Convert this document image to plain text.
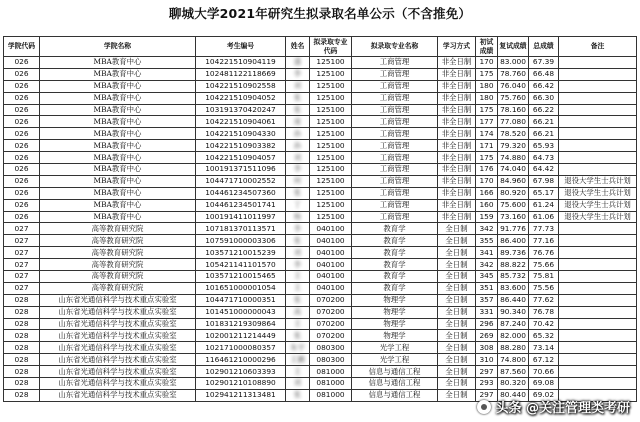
聊城大学2021年研究生拟录取名单公示（不含推免）
学院代码	学院名称	考生编号	姓名	拟录取专业代码	拟录取专业名称	学习方式	初试成绩	复试成绩	总成绩	备注
026	MBA教育中心	104221510904119	盛	125100	工商管理	非全日制	170	83.000	67.39	
026	MBA教育中心	102481122118669	李	125100	工商管理	非全日制	175	78.760	66.48	
026	MBA教育中心	104221510902558	刘	125100	工商管理	非全日制	180	76.040	66.42	
026	MBA教育中心	104221510904052	张	125100	工商管理	非全日制	180	75.760	66.30	
026	MBA教育中心	103191370420247	张	125100	工商管理	非全日制	175	78.160	66.22	
026	MBA教育中心	104221510904061	庞	125100	工商管理	非全日制	177	77.080	66.21	
026	MBA教育中心	104221510904330	孙	125100	工商管理	非全日制	174	78.520	66.21	
026	MBA教育中心	104221510903382	孙	125100	工商管理	非全日制	171	79.320	65.93	
026	MBA教育中心	104221510904057	刘	125100	工商管理	非全日制	175	74.880	64.73	
026	MBA教育中心	100191371511096	李	125100	工商管理	非全日制	176	74.040	64.42	
026	MBA教育中心	104471710002552	何	125100	工商管理	非全日制	170	84.960	67.98	退役大学生士兵计划
026	MBA教育中心	104461234507360	张	125100	工商管理	非全日制	166	80.920	65.17	退役大学生士兵计划
026	MBA教育中心	104461234501741	丁	125100	工商管理	非全日制	160	75.600	61.24	退役大学生士兵计划
026	MBA教育中心	100191411011997	杨	125100	工商管理	非全日制	159	73.160	61.06	退役大学生士兵计划
027	高等教育研究院	107181370113571	李	040100	教育学	全日制	342	91.776	77.73	
027	高等教育研究院	107591000003306	张	040100	教育学	全日制	355	86.400	77.16	
027	高等教育研究院	103571210015239	刘	040100	教育学	全日制	341	89.736	76.76	
027	高等教育研究院	105421141101570	李	040100	教育学	全日制	342	88.822	75.66	
027	高等教育研究院	103571210015465	王	040100	教育学	全日制	345	85.732	75.81	
027	高等教育研究院	101651000001054	王	040100	教育学	全日制	351	83.600	75.56	
028	山东省光通信科学与技术重点实验室	104471710000351	张	070200	物理学	全日制	357	86.440	77.62	
028	山东省光通信科学与技术重点实验室	101451000000043	高	070200	物理学	全日制	331	90.340	76.78	
028	山东省光通信科学与技术重点实验室	101831219309864	王	070200	物理学	全日制	296	87.240	70.42	
028	山东省光通信科学与技术重点实验室	102001211214449	张	070200	物理学	全日制	269	82.000	65.32	
028	山东省光通信科学与技术重点实验室	102171000080357	朱宇	080300	光学工程	全日制	308	88.280	73.14	
028	山东省光通信科学与技术重点实验室	116461210000296	王鹏	080300	光学工程	全日制	310	74.800	67.12	
028	山东省光通信科学与技术重点实验室	102901210603393	王	081000	信息与通信工程	全日制	297	87.560	70.66	
028	山东省光通信科学与技术重点实验室	102901210108890	刘	081000	信息与通信工程	全日制	293	80.320	69.08	
028	山东省光通信科学与技术重点实验室	102941211313481	张	081000	信息与通信工程	全日制	297	80.440	69.02	
头条 @关注管理类考研
